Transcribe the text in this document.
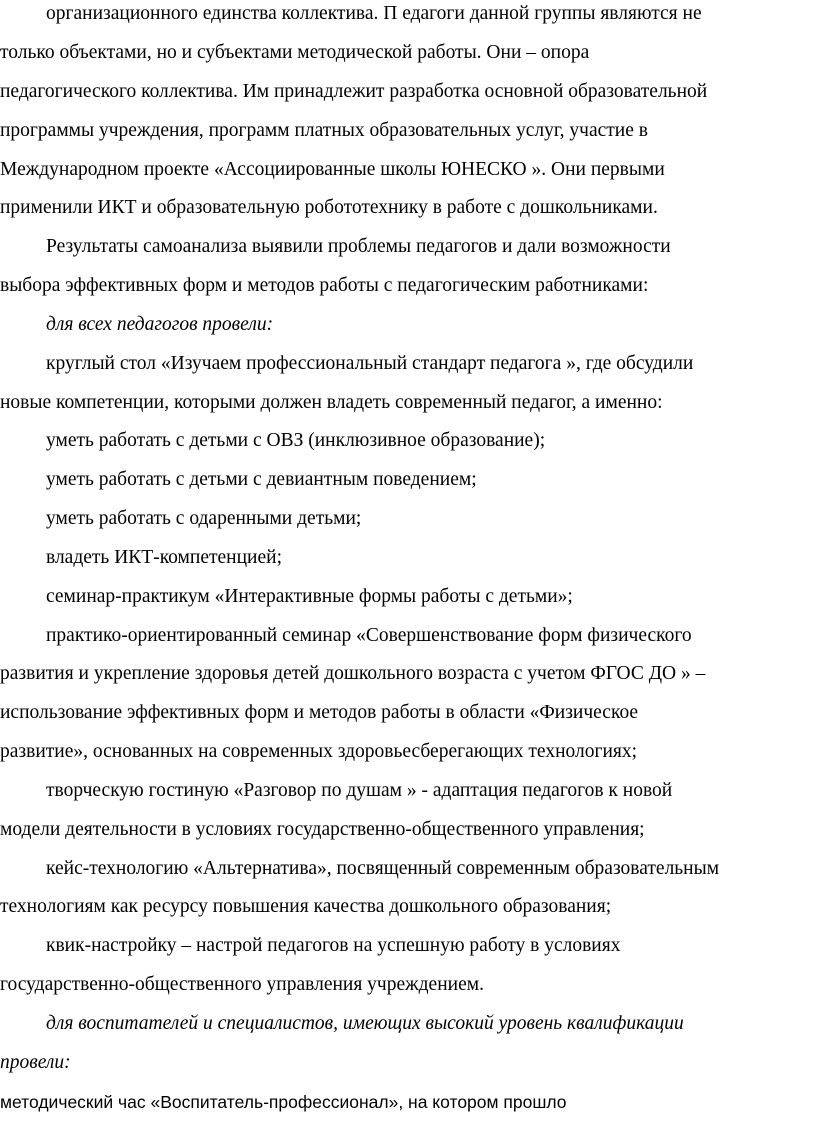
организационного единства коллектива. П едагоги данной группы являются не
только объектами, но и субъектами методической работы. Они – опора
педагогического коллектива. Им принадлежит разработка основной образовательной
программы учреждения, программ платных образовательных услуг, участие в
Международном проекте «Ассоциированные школы ЮНЕСКО ». Они первыми
применили ИКТ и образовательную робототехнику в работе с дошкольниками.
Результаты самоанализа выявили проблемы педагогов и дали возможности
выбора эффективных форм и методов работы с педагогическим работниками:
для всех педагогов провели:
круглый стол «Изучаем профессиональный стандарт педагога », где обсудили
новые компетенции, которыми должен владеть современный педагог, а именно:
уметь работать с детьми с ОВЗ (инклюзивное образование);
уметь работать с детьми с девиантным поведением;
уметь работать с одаренными детьми;
владеть ИКТ-компетенцией;
семинар-практикум «Интерактивные формы работы с детьми»;
практико-ориентированный семинар «Совершенствование форм физического
развития и укрепление здоровья детей дошкольного возраста с учетом ФГОС ДО » –
использование эффективных форм и методов работы в области «Физическое
развитие», основанных на современных здоровьесберегающих технологиях;
творческую гостиную «Разговор по душам » - адаптация педагогов к новой
модели деятельности в условиях государственно-общественного управления;
кейс-технологию «Альтернатива», посвященный современным образовательным
технологиям как ресурсу повышения качества дошкольного образования;
квик-настройку – настрой педагогов на успешную работу в условиях
государственно-общественного управления учреждением.
для воспитателей и специалистов, имеющих высокий уровень квалификации
провели:
методический час «Воспитатель-профессионал», на котором прошло
